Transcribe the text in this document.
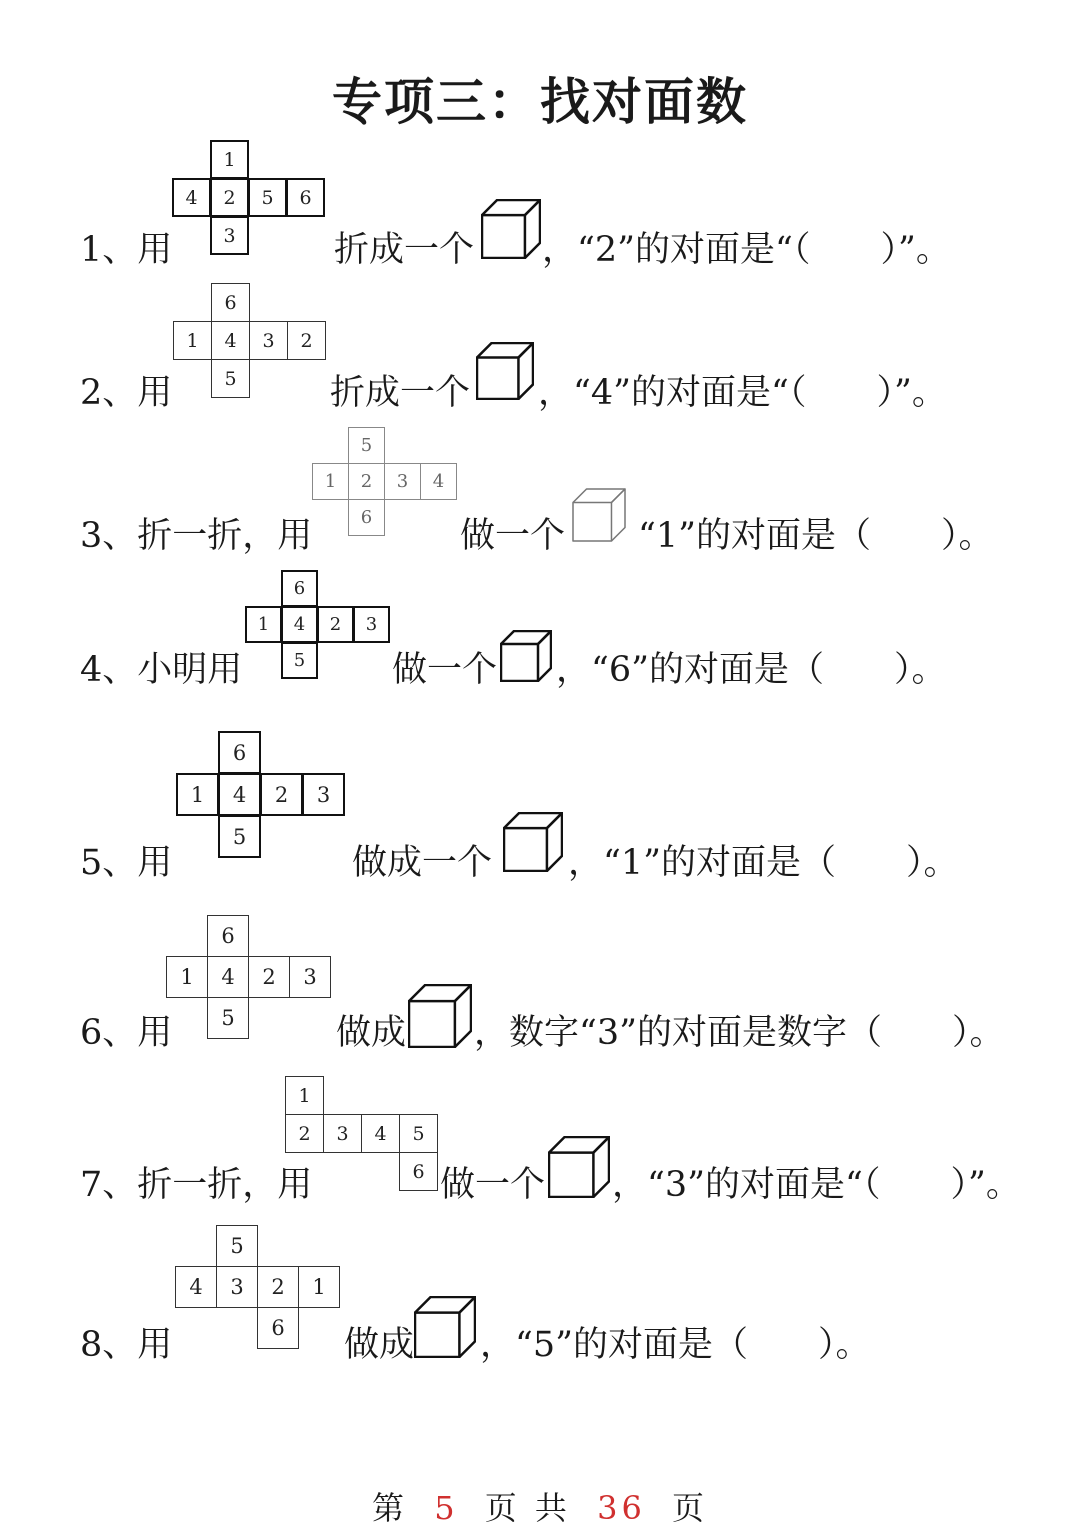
专项三：找对面数
1、用
1
4	2	5	6
3	折成一个 ，“2”的对面是“（　　）”。
2、用
6
1	4	3	2
5	折成一个 ，“4”的对面是“（　　）”。
3、折一折，用
5
1	2	3	4
6	做一个 “1”的对面是（　　）。
4、小明用
6
1	4	2	3
5	做一个 ，“6”的对面是（　　）。
5、用
6
1	4	2	3
5
做成一个 ，“1”的对面是（　　）。
6、用
6
1	4	2	3
5	做成 ，数字“3”的对面是数字（　　）。
7、折一折，用
1
2	3	4	5
6 做一个 ，“3”的对面是“（　　）”。
8、用
5
4	3	2	1
6	做成 ，“5”的对面是（　　）。
第 5 页 共 36 页
